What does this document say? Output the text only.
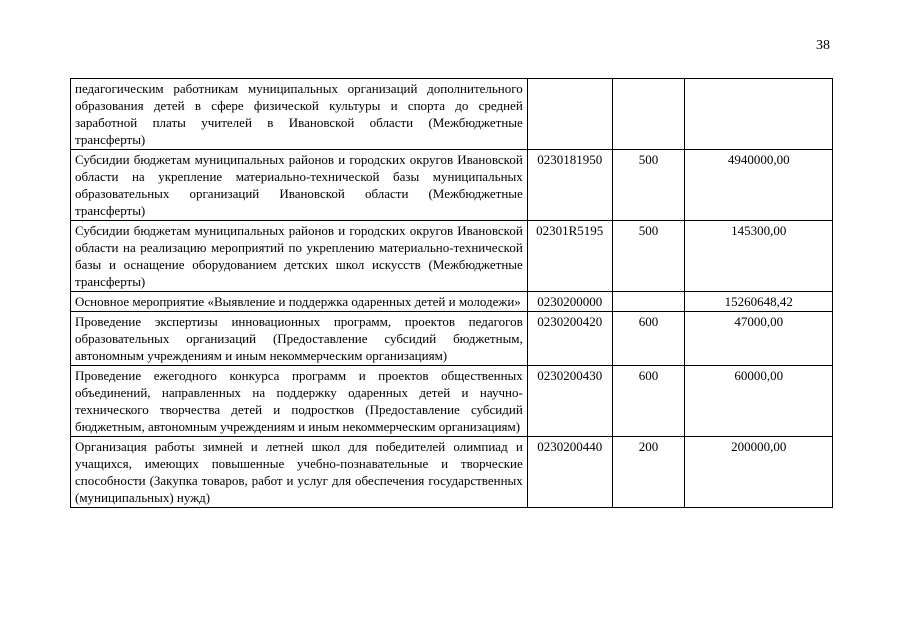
38
педагогическим работникам муниципальных организаций дополнительного образования детей в сфере физической культуры и спорта до средней заработной платы учителей в Ивановской области (Межбюджетные трансферты)			
Субсидии бюджетам муниципальных районов и городских округов Ивановской области на укрепление материально-технической базы муниципальных образовательных организаций Ивановской области (Межбюджетные трансферты)	0230181950	500	4940000,00
Субсидии бюджетам муниципальных районов и городских округов Ивановской области на реализацию мероприятий по укреплению материально-технической базы и оснащение оборудованием детских школ искусств (Межбюджетные трансферты)	02301R5195	500	145300,00
Основное мероприятие «Выявление и поддержка одаренных детей и молодежи»	0230200000		15260648,42
Проведение экспертизы инновационных программ, проектов педагогов образовательных организаций (Предоставление субсидий бюджетным, автономным учреждениям и иным некоммерческим организациям)	0230200420	600	47000,00
Проведение ежегодного конкурса программ и проектов общественных объединений, направленных на поддержку одаренных детей и научно-технического творчества детей и подростков (Предоставление субсидий бюджетным, автономным учреждениям и иным некоммерческим организациям)	0230200430	600	60000,00
Организация работы зимней и летней школ для победителей олимпиад и учащихся, имеющих повышенные учебно-познавательные и творческие способности (Закупка товаров, работ и услуг для обеспечения государственных (муниципальных) нужд)	0230200440	200	200000,00
